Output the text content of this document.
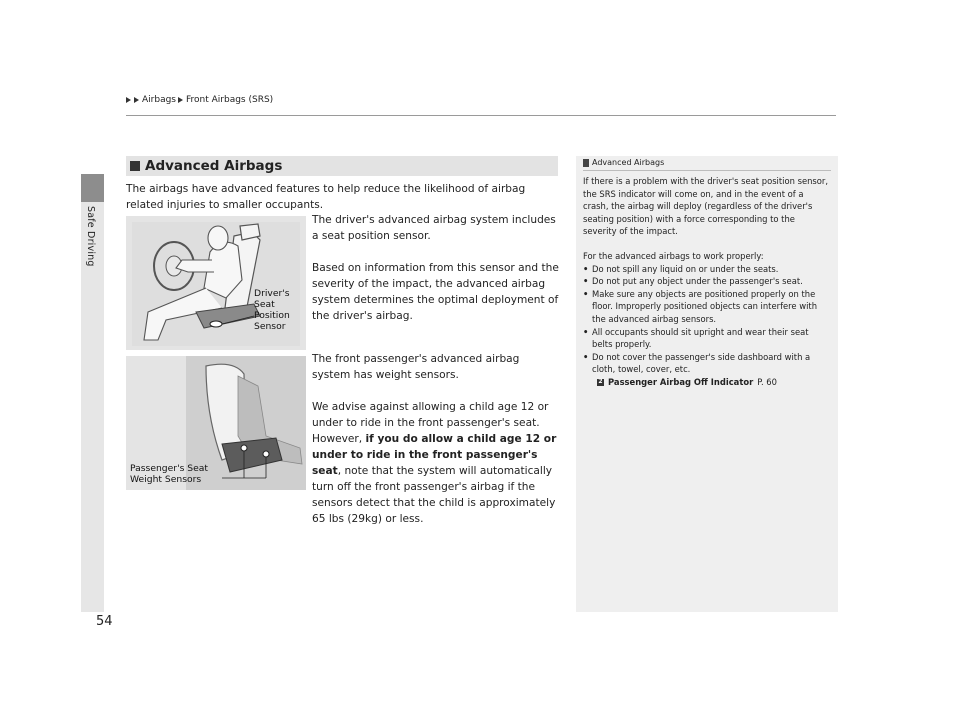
Airbags Front Airbags (SRS)
Safe Driving
Advanced Airbags
The airbags have advanced features to help reduce the likelihood of airbag related injuries to smaller occupants.
Driver's
Seat
Position
Sensor
Passenger's Seat
Weight Sensors
The driver's advanced airbag system includes a seat position sensor.
Based on information from this sensor and the severity of the impact, the advanced airbag system determines the optimal deployment of the driver's airbag.
The front passenger's advanced airbag system has weight sensors.
We advise against allowing a child age 12 or under to ride in the front passenger's seat. However, if you do allow a child age 12 or under to ride in the front passenger's seat, note that the system will automatically turn off the front passenger's airbag if the sensors detect that the child is approximately 65 lbs (29kg) or less.
Advanced Airbags

If there is a problem with the driver's seat position sensor, the SRS indicator will come on, and in the event of a crash, the airbag will deploy (regardless of the driver's seating position) with a force corresponding to the severity of the impact.

For the advanced airbags to work properly:

• Do not spill any liquid on or under the seats.
• Do not put any object under the passenger's seat.
• Make sure any objects are positioned properly on the floor. Improperly positioned objects can interfere with the advanced airbag sensors.
• All occupants should sit upright and wear their seat belts properly.
• Do not cover the passenger's side dashboard with a cloth, towel, cover, etc.
2 Passenger Airbag Off Indicator P. 60
54
